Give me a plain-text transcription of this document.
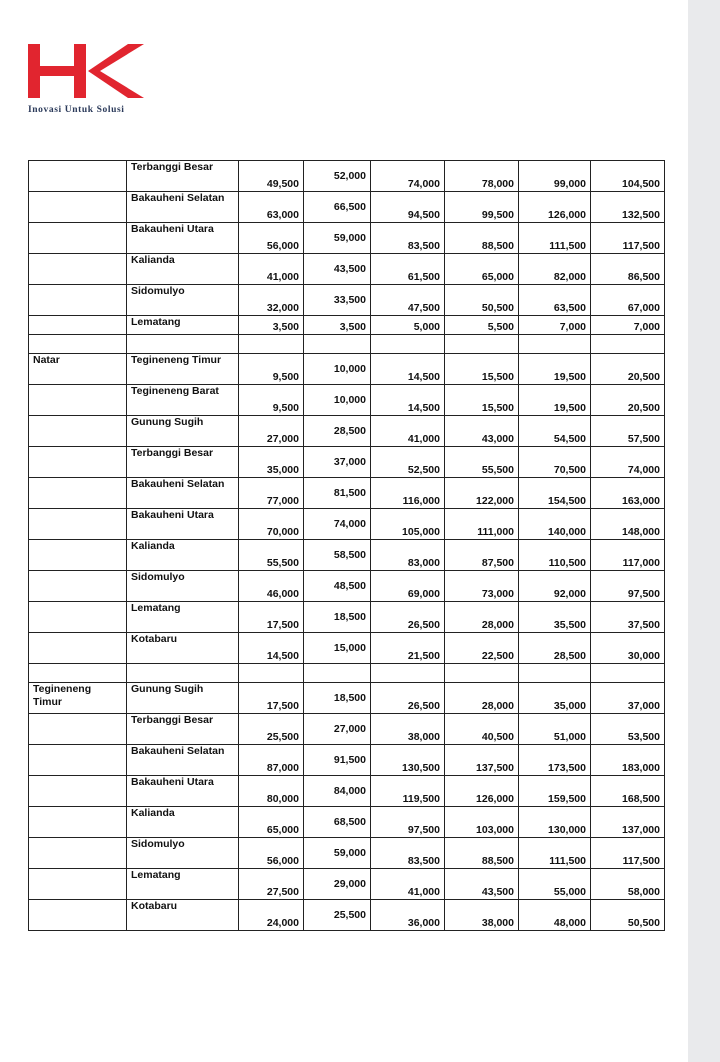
Inovasi Untuk Solusi
	Terbanggi Besar	49,500	52,000	74,000	78,000	99,000	104,500
	Bakauheni Selatan	63,000	66,500	94,500	99,500	126,000	132,500
	Bakauheni Utara	56,000	59,000	83,500	88,500	111,500	117,500
	Kalianda	41,000	43,500	61,500	65,000	82,000	86,500
	Sidomulyo	32,000	33,500	47,500	50,500	63,500	67,000
	Lematang	3,500	3,500	5,000	5,500	7,000	7,000

Natar	Tegineneng Timur	9,500	10,000	14,500	15,500	19,500	20,500
	Tegineneng Barat	9,500	10,000	14,500	15,500	19,500	20,500
	Gunung Sugih	27,000	28,500	41,000	43,000	54,500	57,500
	Terbanggi Besar	35,000	37,000	52,500	55,500	70,500	74,000
	Bakauheni Selatan	77,000	81,500	116,000	122,000	154,500	163,000
	Bakauheni Utara	70,000	74,000	105,000	111,000	140,000	148,000
	Kalianda	55,500	58,500	83,000	87,500	110,500	117,000
	Sidomulyo	46,000	48,500	69,000	73,000	92,000	97,500
	Lematang	17,500	18,500	26,500	28,000	35,500	37,500
	Kotabaru	14,500	15,000	21,500	22,500	28,500	30,000

Tegineneng Timur	Gunung Sugih	17,500	18,500	26,500	28,000	35,000	37,000
	Terbanggi Besar	25,500	27,000	38,000	40,500	51,000	53,500
	Bakauheni Selatan	87,000	91,500	130,500	137,500	173,500	183,000
	Bakauheni Utara	80,000	84,000	119,500	126,000	159,500	168,500
	Kalianda	65,000	68,500	97,500	103,000	130,000	137,000
	Sidomulyo	56,000	59,000	83,500	88,500	111,500	117,500
	Lematang	27,500	29,000	41,000	43,500	55,000	58,000
	Kotabaru	24,000	25,500	36,000	38,000	48,000	50,500
